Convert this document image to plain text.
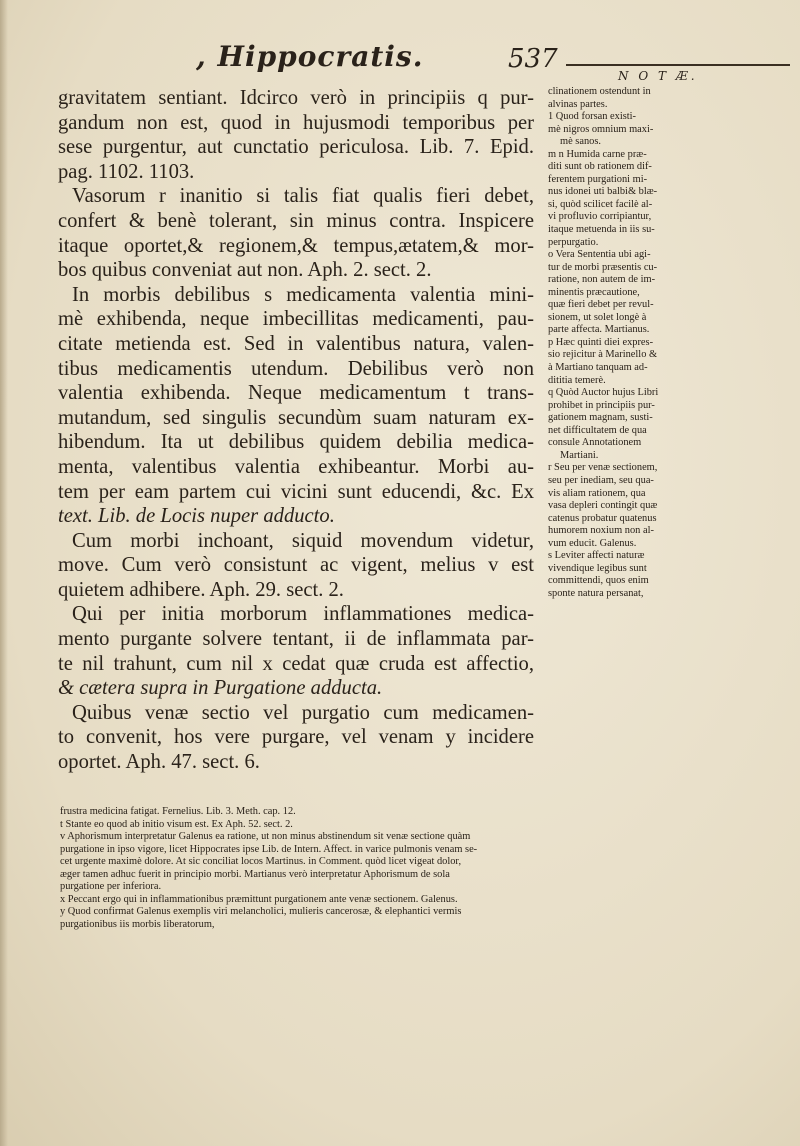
, Hippocratis.	537
N O T Æ.
gravitatem sentiant. Idcirco verò in principiis q pur-
gandum non est, quod in hujusmodi temporibus per
sese purgentur, aut cunctatio periculosa. Lib. 7. Epid.
pag. 1102. 1103.
Vasorum r inanitio si talis fiat qualis fieri debet,
confert & benè tolerant, sin minus contra. Inspicere
itaque oportet,& regionem,& tempus,ætatem,& mor-
bos quibus conveniat aut non. Aph. 2. sect. 2.
In morbis debilibus s medicamenta valentia mini-
mè exhibenda, neque imbecillitas medicamenti, pau-
citate metienda est. Sed in valentibus natura, valen-
tibus medicamentis utendum. Debilibus verò non
valentia exhibenda. Neque medicamentum t trans-
mutandum, sed singulis secundùm suam naturam ex-
hibendum. Ita ut debilibus quidem debilia medica-
menta, valentibus valentia exhibeantur. Morbi au-
tem per eam partem cui vicini sunt educendi, &c. Ex
text. Lib. de Locis nuper adducto.
Cum morbi inchoant, siquid movendum videtur,
move. Cum verò consistunt ac vigent, melius v est
quietem adhibere. Aph. 29. sect. 2.
Qui per initia morborum inflammationes medica-
mento purgante solvere tentant, ii de inflammata par-
te nil trahunt, cum nil x cedat quæ cruda est affectio,
& cætera supra in Purgatione adducta.
Quibus venæ sectio vel purgatio cum medicamen-
to convenit, hos vere purgare, vel venam y incidere
oportet. Aph. 47. sect. 6.
clinationem ostendunt in
alvinas partes.
1 Quod forsan existi-
mè nigros omnium maxi-
mè sanos.
m n Humida carne præ-
diti sunt ob rationem dif-
ferentem purgationi mi-
nus idonei uti balbi& blæ-
si, quòd scilicet facilè al-
vi profluvio corripiantur,
itaque metuenda in iis su-
perpurgatio.
o Vera Sententia ubi agi-
tur de morbi præsentis cu-
ratione, non autem de im-
minentis præcautione,
quæ fieri debet per revul-
sionem, ut solet longè à
parte affecta. Martianus.
p Hæc quinti diei expres-
sio rejicitur à Marinello &
à Martiano tanquam ad-
dititia temerè.
q Quòd Auctor hujus Libri
prohibet in principiis pur-
gationem magnam, susti-
net difficultatem de qua
consule Annotationem
Martiani.
r Seu per venæ sectionem,
seu per inediam, seu qua-
vis aliam rationem, qua
vasa depleri contingit quæ
catenus probatur quatenus
humorem noxium non al-
vum educit. Galenus.
s Leviter affecti naturæ
vivendique legibus sunt
committendi, quos enim
sponte natura persanat,
frustra medicina fatigat. Fernelius. Lib. 3. Meth. cap. 12.
t Stante eo quod ab initio visum est. Ex Aph. 52. sect. 2.
v Aphorismum interpretatur Galenus ea ratione, ut non minus abstinendum sit venæ sectione quàm
purgatione in ipso vigore, licet Hippocrates ipse Lib. de Intern. Affect. in varice pulmonis venam se-
cet urgente maximè dolore. At sic conciliat locos Martinus. in Comment. quòd licet vigeat dolor,
æger tamen adhuc fuerit in principio morbi. Martianus verò interpretatur Aphorismum de sola
purgatione per inferiora.
x Peccant ergo qui in inflammationibus præmittunt purgationem ante venæ sectionem. Galenus.
y Quod confirmat Galenus exemplis viri melancholici, mulieris cancerosæ, & elephantici vermis
purgationibus iis morbis liberatorum,
